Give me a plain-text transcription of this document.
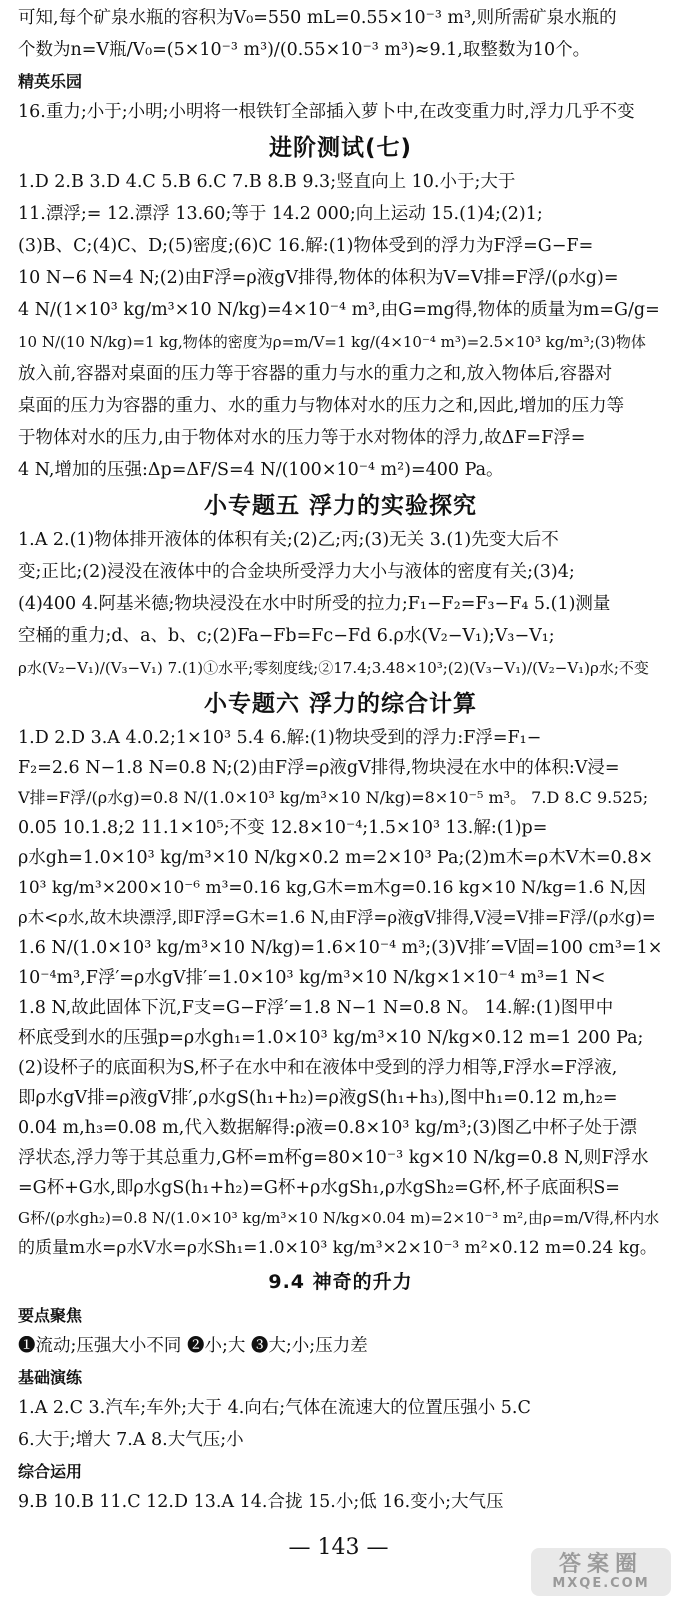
可知,每个矿泉水瓶的容积为V₀=550 mL=0.55×10⁻³ m³,则所需矿泉水瓶的
个数为n=V瓶/V₀=(5×10⁻³ m³)/(0.55×10⁻³ m³)≈9.1,取整数为10个。
精英乐园
16.重力;小于;小明;小明将一根铁钉全部插入萝卜中,在改变重力时,浮力几乎不变
进阶测试(七)
1.D 2.B 3.D 4.C 5.B 6.C 7.B 8.B 9.3;竖直向上 10.小于;大于
11.漂浮;= 12.漂浮 13.60;等于 14.2 000;向上运动 15.(1)4;(2)1;
(3)B、C;(4)C、D;(5)密度;(6)C 16.解:(1)物体受到的浮力为F浮=G−F=
10 N−6 N=4 N;(2)由F浮=ρ液gV排得,物体的体积为V=V排=F浮/(ρ水g)=
4 N/(1×10³ kg/m³×10 N/kg)=4×10⁻⁴ m³,由G=mg得,物体的质量为m=G/g=
10 N/(10 N/kg)=1 kg,物体的密度为ρ=m/V=1 kg/(4×10⁻⁴ m³)=2.5×10³ kg/m³;(3)物体
放入前,容器对桌面的压力等于容器的重力与水的重力之和,放入物体后,容器对
桌面的压力为容器的重力、水的重力与物体对水的压力之和,因此,增加的压力等
于物体对水的压力,由于物体对水的压力等于水对物体的浮力,故ΔF=F浮=
4 N,增加的压强:Δp=ΔF/S=4 N/(100×10⁻⁴ m²)=400 Pa。
小专题五 浮力的实验探究
1.A 2.(1)物体排开液体的体积有关;(2)乙;丙;(3)无关 3.(1)先变大后不
变;正比;(2)浸没在液体中的合金块所受浮力大小与液体的密度有关;(3)4;
(4)400 4.阿基米德;物块浸没在水中时所受的拉力;F₁−F₂=F₃−F₄ 5.(1)测量
空桶的重力;d、a、b、c;(2)Fa−Fb=Fc−Fd 6.ρ水(V₂−V₁);V₃−V₁;
ρ水(V₂−V₁)/(V₃−V₁) 7.(1)①水平;零刻度线;②17.4;3.48×10³;(2)(V₃−V₁)/(V₂−V₁)ρ水;不变
小专题六 浮力的综合计算
1.D 2.D 3.A 4.0.2;1×10³ 5.4 6.解:(1)物块受到的浮力:F浮=F₁−
F₂=2.6 N−1.8 N=0.8 N;(2)由F浮=ρ液gV排得,物块浸在水中的体积:V浸=
V排=F浮/(ρ水g)=0.8 N/(1.0×10³ kg/m³×10 N/kg)=8×10⁻⁵ m³。 7.D 8.C 9.525;
0.05 10.1.8;2 11.1×10⁵;不变 12.8×10⁻⁴;1.5×10³ 13.解:(1)p=
ρ水gh=1.0×10³ kg/m³×10 N/kg×0.2 m=2×10³ Pa;(2)m木=ρ木V木=0.8×
10³ kg/m³×200×10⁻⁶ m³=0.16 kg,G木=m木g=0.16 kg×10 N/kg=1.6 N,因
ρ木<ρ水,故木块漂浮,即F浮=G木=1.6 N,由F浮=ρ液gV排得,V浸=V排=F浮/(ρ水g)=
1.6 N/(1.0×10³ kg/m³×10 N/kg)=1.6×10⁻⁴ m³;(3)V排′=V固=100 cm³=1×
10⁻⁴m³,F浮′=ρ水gV排′=1.0×10³ kg/m³×10 N/kg×1×10⁻⁴ m³=1 N<
1.8 N,故此固体下沉,F支=G−F浮′=1.8 N−1 N=0.8 N。 14.解:(1)图甲中
杯底受到水的压强p=ρ水gh₁=1.0×10³ kg/m³×10 N/kg×0.12 m=1 200 Pa;
(2)设杯子的底面积为S,杯子在水中和在液体中受到的浮力相等,F浮水=F浮液,
即ρ水gV排=ρ液gV排′,ρ水gS(h₁+h₂)=ρ液gS(h₁+h₃),图中h₁=0.12 m,h₂=
0.04 m,h₃=0.08 m,代入数据解得:ρ液=0.8×10³ kg/m³;(3)图乙中杯子处于漂
浮状态,浮力等于其总重力,G杯=m杯g=80×10⁻³ kg×10 N/kg=0.8 N,则F浮水
=G杯+G水,即ρ水gS(h₁+h₂)=G杯+ρ水gSh₁,ρ水gSh₂=G杯,杯子底面积S=
G杯/(ρ水gh₂)=0.8 N/(1.0×10³ kg/m³×10 N/kg×0.04 m)=2×10⁻³ m²,由ρ=m/V得,杯内水
的质量m水=ρ水V水=ρ水Sh₁=1.0×10³ kg/m³×2×10⁻³ m²×0.12 m=0.24 kg。
9.4 神奇的升力
要点聚焦
❶流动;压强大小不同 ❷小;大 ❸大;小;压力差
基础演练
1.A 2.C 3.汽车;车外;大于 4.向右;气体在流速大的位置压强小 5.C
6.大于;增大 7.A 8.大气压;小
综合运用
9.B 10.B 11.C 12.D 13.A 14.合拢 15.小;低 16.变小;大气压
— 143 —
答案圈
MXQE.COM
